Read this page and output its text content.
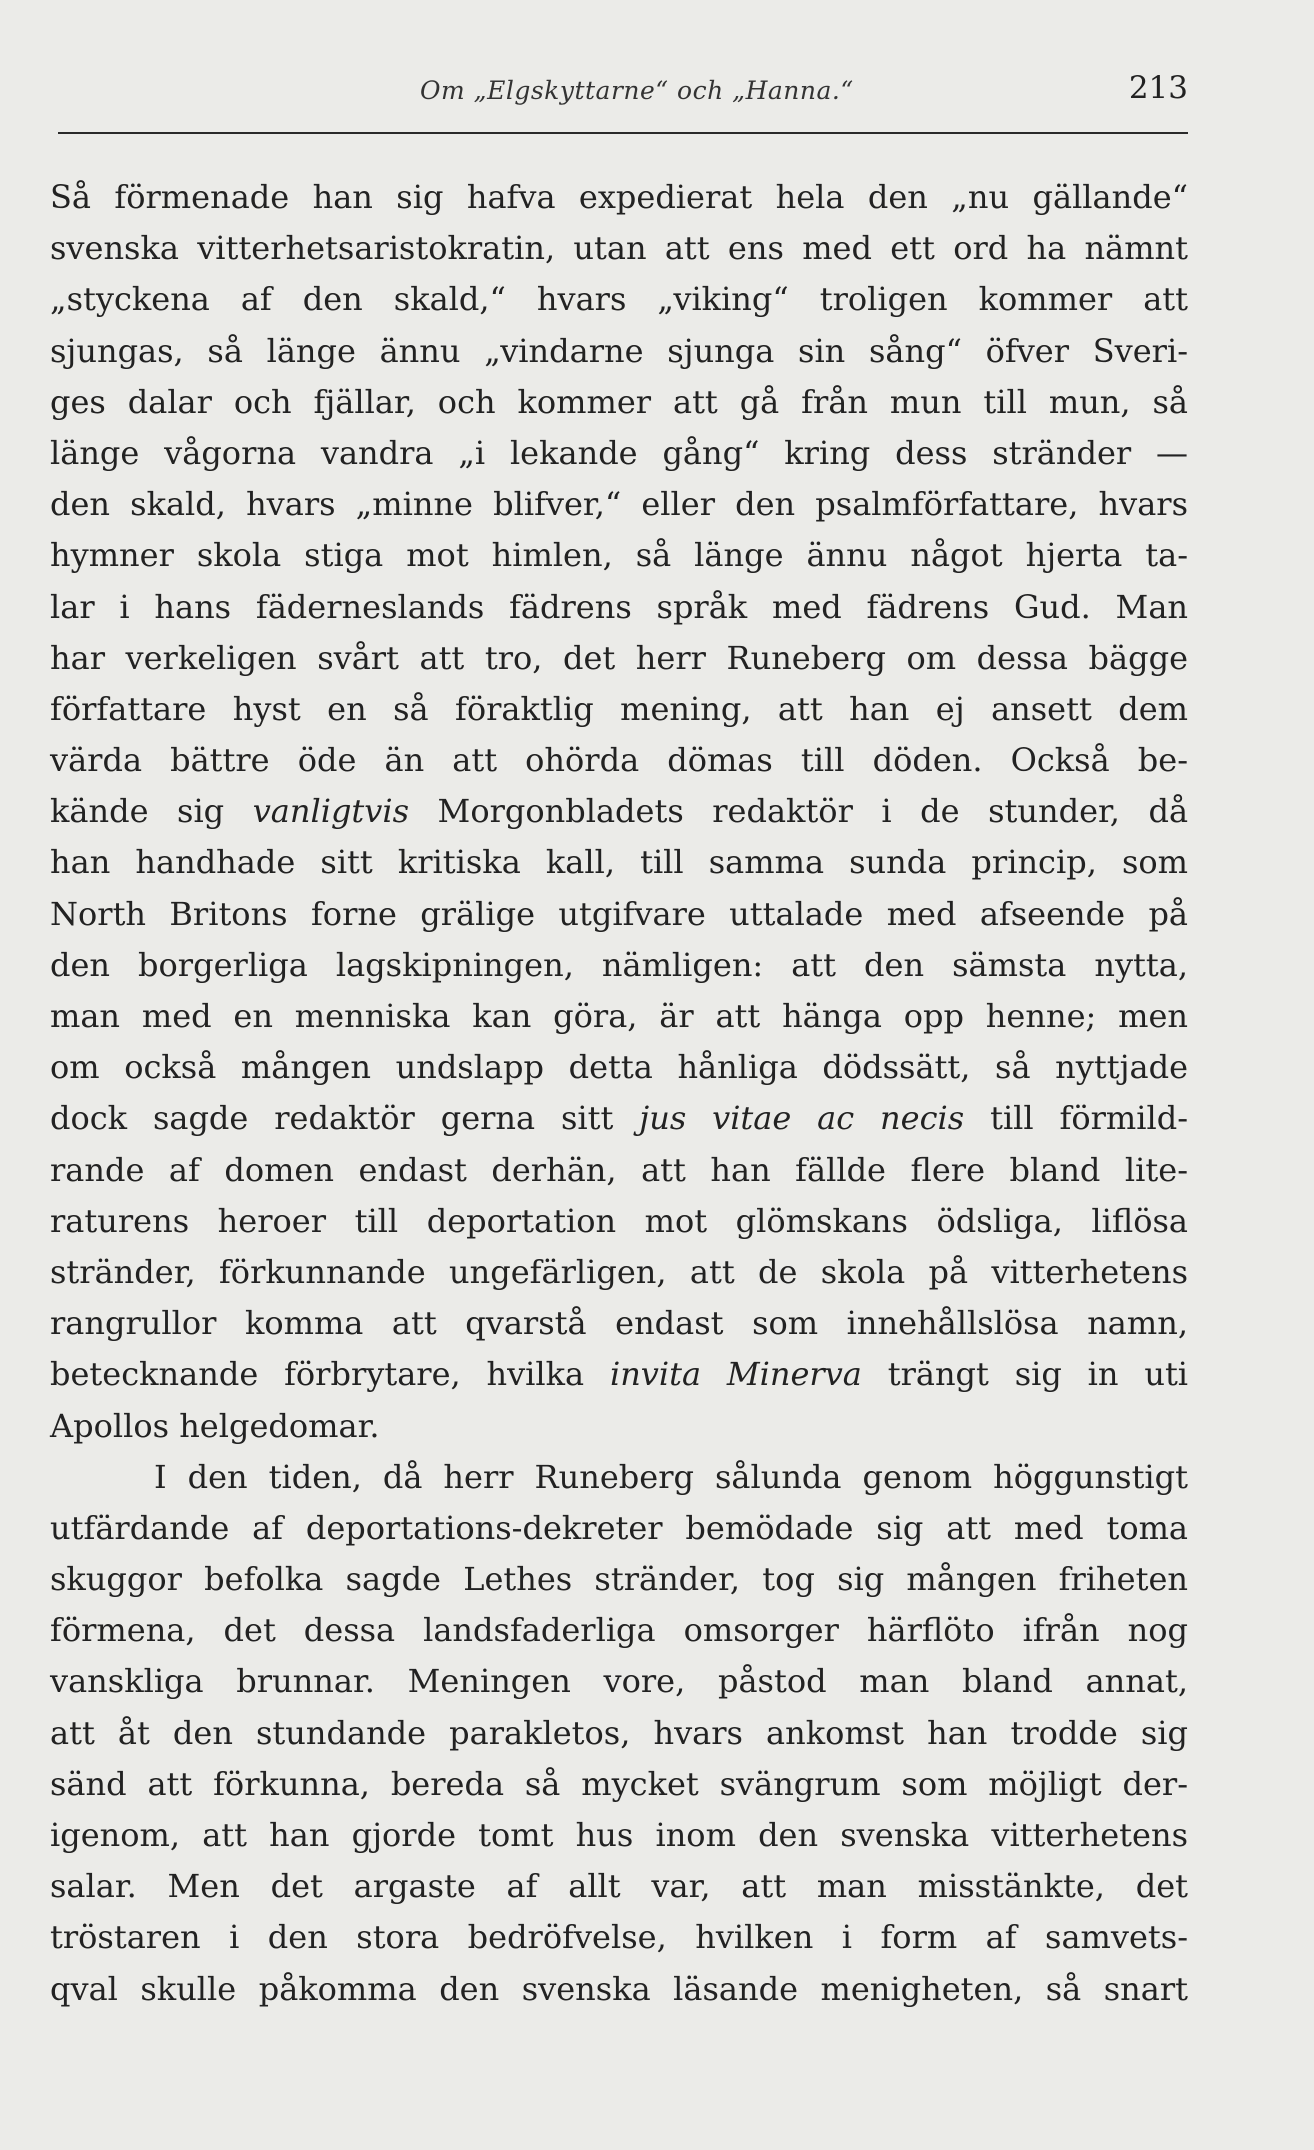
Om „Elgskyttarne“ och „Hanna.“	213
Så förmenade han sig hafva expedierat hela den „nu gällande“
svenska vitterhetsaristokratin, utan att ens med ett ord ha nämnt
„styckena af den skald,“ hvars „viking“ troligen kommer att
sjungas, så länge ännu „vindarne sjunga sin sång“ öfver Sveri-
ges dalar och fjällar, och kommer att gå från mun till mun, så
länge vågorna vandra „i lekande gång“ kring dess stränder —
den skald, hvars „minne blifver,“ eller den psalmförfattare, hvars
hymner skola stiga mot himlen, så länge ännu något hjerta ta-
lar i hans fäderneslands fädrens språk med fädrens Gud. Man
har verkeligen svårt att tro, det herr Runeberg om dessa bägge
författare hyst en så föraktlig mening, att han ej ansett dem
värda bättre öde än att ohörda dömas till döden. Också be-
kände sig vanligtvis Morgonbladets redaktör i de stunder, då
han handhade sitt kritiska kall, till samma sunda princip, som
North Britons forne grälige utgifvare uttalade med afseende på
den borgerliga lagskipningen, nämligen: att den sämsta nytta,
man med en menniska kan göra, är att hänga opp henne; men
om också mången undslapp detta hånliga dödssätt, så nyttjade
dock sagde redaktör gerna sitt jus vitae ac necis till förmild-
rande af domen endast derhän, att han fällde flere bland lite-
raturens heroer till deportation mot glömskans ödsliga, liflösa
stränder, förkunnande ungefärligen, att de skola på vitterhetens
rangrullor komma att qvarstå endast som innehållslösa namn,
betecknande förbrytare, hvilka invita Minerva trängt sig in uti
Apollos helgedomar.
I den tiden, då herr Runeberg sålunda genom höggunstigt
utfärdande af deportations-dekreter bemödade sig att med toma
skuggor befolka sagde Lethes stränder, tog sig mången friheten
förmena, det dessa landsfaderliga omsorger härflöto ifrån nog
vanskliga brunnar. Meningen vore, påstod man bland annat,
att åt den stundande parakletos, hvars ankomst han trodde sig
sänd att förkunna, bereda så mycket svängrum som möjligt der-
igenom, att han gjorde tomt hus inom den svenska vitterhetens
salar. Men det argaste af allt var, att man misstänkte, det
tröstaren i den stora bedröfvelse, hvilken i form af samvets-
qval skulle påkomma den svenska läsande menigheten, så snart
